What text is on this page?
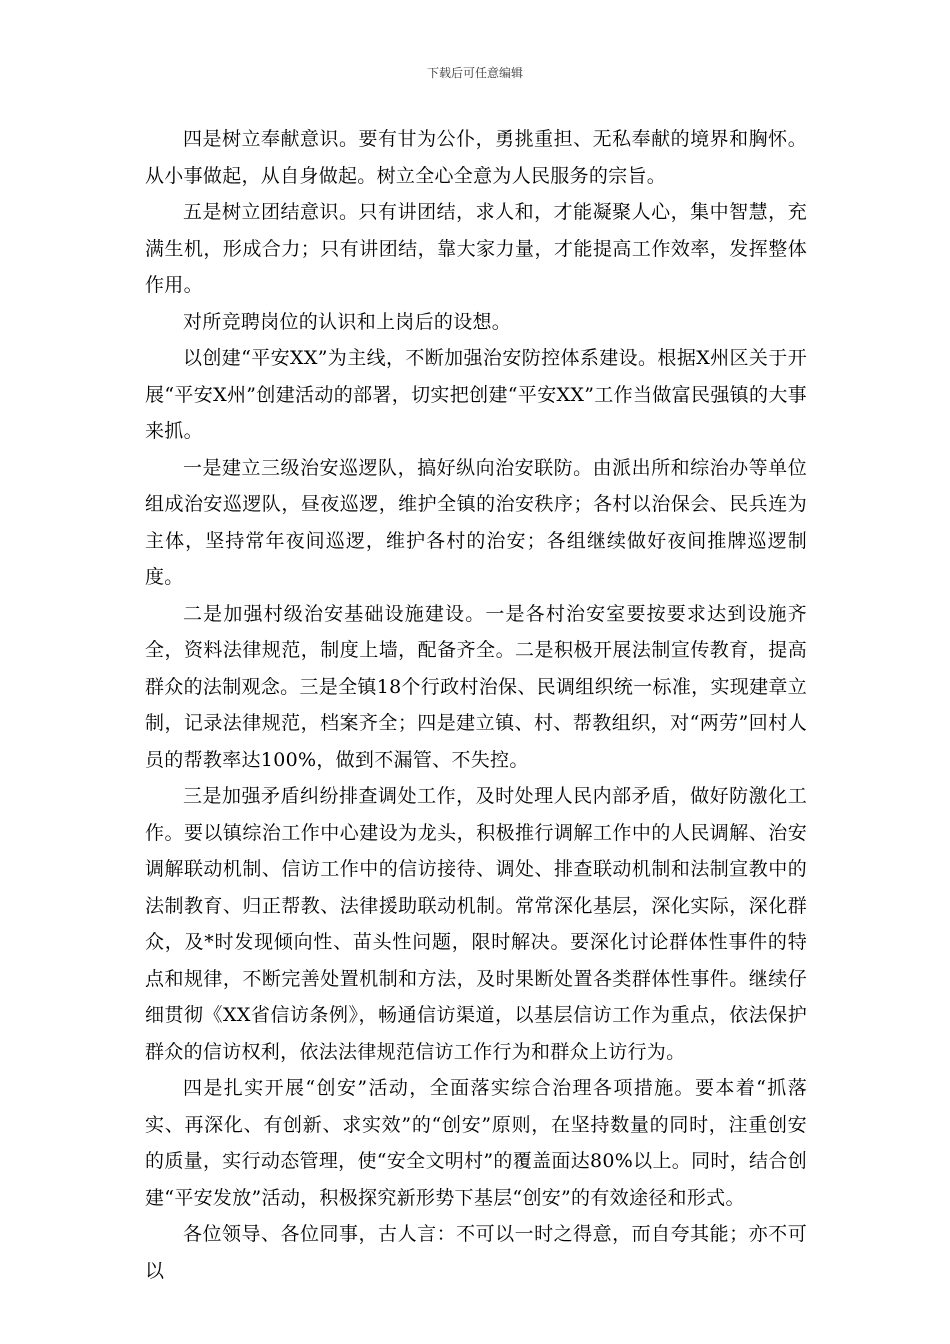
下载后可任意编辑

四是树立奉献意识。要有甘为公仆，勇挑重担、无私奉献的境界和胸怀。从小事做起，从自身做起。树立全心全意为人民服务的宗旨。

五是树立团结意识。只有讲团结，求人和，才能凝聚人心，集中智慧，充满生机，形成合力；只有讲团结，靠大家力量，才能提高工作效率，发挥整体作用。

对所竞聘岗位的认识和上岗后的设想。

以创建“平安XX”为主线，不断加强治安防控体系建设。根据X州区关于开展“平安X州”创建活动的部署，切实把创建“平安XX”工作当做富民强镇的大事来抓。

一是建立三级治安巡逻队，搞好纵向治安联防。由派出所和综治办等单位组成治安巡逻队，昼夜巡逻，维护全镇的治安秩序；各村以治保会、民兵连为主体，坚持常年夜间巡逻，维护各村的治安；各组继续做好夜间推牌巡逻制度。

二是加强村级治安基础设施建设。一是各村治安室要按要求达到设施齐全，资料法律规范，制度上墙，配备齐全。二是积极开展法制宣传教育，提高群众的法制观念。三是全镇18个行政村治保、民调组织统一标准，实现建章立制，记录法律规范，档案齐全；四是建立镇、村、帮教组织，对“两劳”回村人员的帮教率达100%，做到不漏管、不失控。

三是加强矛盾纠纷排查调处工作，及时处理人民内部矛盾，做好防激化工作。要以镇综治工作中心建设为龙头，积极推行调解工作中的人民调解、治安调解联动机制、信访工作中的信访接待、调处、排查联动机制和法制宣教中的法制教育、归正帮教、法律援助联动机制。常常深化基层，深化实际，深化群众，及*时发现倾向性、苗头性问题，限时解决。要深化讨论群体性事件的特点和规律，不断完善处置机制和方法，及时果断处置各类群体性事件。继续仔细贯彻《XX省信访条例》，畅通信访渠道，以基层信访工作为重点，依法保护群众的信访权利，依法法律规范信访工作行为和群众上访行为。

四是扎实开展“创安”活动，全面落实综合治理各项措施。要本着“抓落实、再深化、有创新、求实效”的“创安”原则，在坚持数量的同时，注重创安的质量，实行动态管理，使“安全文明村”的覆盖面达80%以上。同时，结合创建“平安发放”活动，积极探究新形势下基层“创安”的有效途径和形式。

各位领导、各位同事，古人言：不可以一时之得意，而自夸其能；亦不可以
